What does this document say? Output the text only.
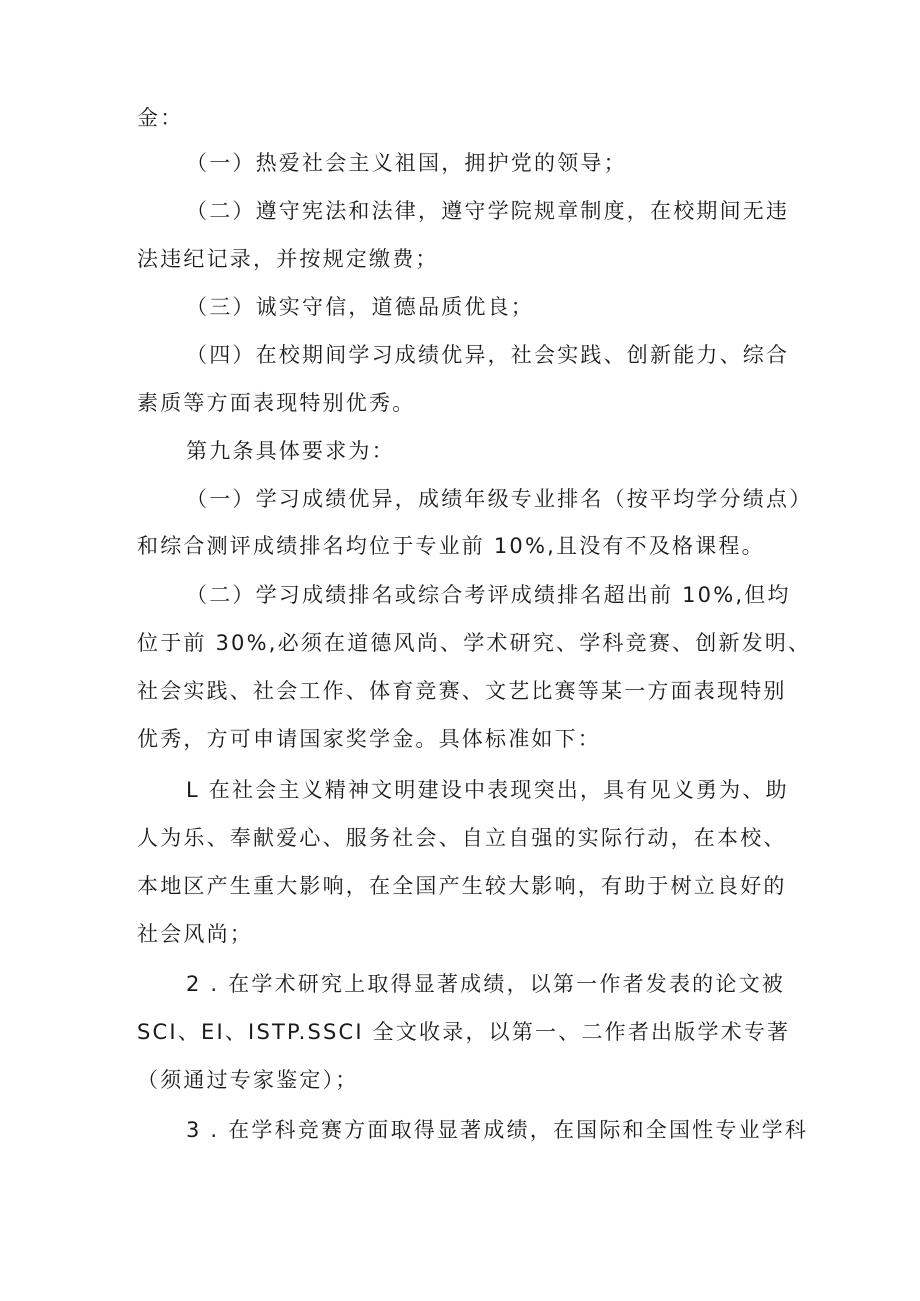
金：
（一）热爱社会主义祖国，拥护党的领导；
（二）遵守宪法和法律，遵守学院规章制度，在校期间无违
法违纪记录，并按规定缴费；
（三）诚实守信，道德品质优良；
（四）在校期间学习成绩优异，社会实践、创新能力、综合
素质等方面表现特别优秀。
第九条具体要求为：
（一）学习成绩优异，成绩年级专业排名（按平均学分绩点）
和综合测评成绩排名均位于专业前 10%,且没有不及格课程。
（二）学习成绩排名或综合考评成绩排名超出前 10%,但均
位于前 30%,必须在道德风尚、学术研究、学科竞赛、创新发明、
社会实践、社会工作、体育竞赛、文艺比赛等某一方面表现特别
优秀，方可申请国家奖学金。具体标准如下：
L 在社会主义精神文明建设中表现突出，具有见义勇为、助
人为乐、奉献爱心、服务社会、自立自强的实际行动，在本校、
本地区产生重大影响，在全国产生较大影响，有助于树立良好的
社会风尚；
2 . 在学术研究上取得显著成绩，以第一作者发表的论文被
SCI、EI、ISTP.SSCI 全文收录，以第一、二作者出版学术专著
（须通过专家鉴定）；
3 . 在学科竞赛方面取得显著成绩，在国际和全国性专业学科
